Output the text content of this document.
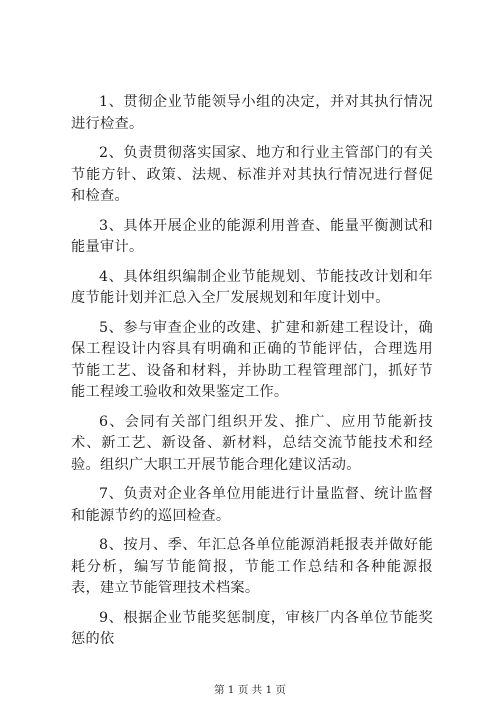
1、贯彻企业节能领导小组的决定，并对其执行情况进行检查。

2、负责贯彻落实国家、地方和行业主管部门的有关节能方针、政策、法规、标准并对其执行情况进行督促和检查。

3、具体开展企业的能源利用普查、能量平衡测试和能量审计。

4、具体组织编制企业节能规划、节能技改计划和年度节能计划并汇总入全厂发展规划和年度计划中。

5、参与审查企业的改建、扩建和新建工程设计，确保工程设计内容具有明确和正确的节能评估，合理选用节能工艺、设备和材料，并协助工程管理部门，抓好节能工程竣工验收和效果鉴定工作。

6、会同有关部门组织开发、推广、应用节能新技术、新工艺、新设备、新材料，总结交流节能技术和经验。组织广大职工开展节能合理化建议活动。

7、负责对企业各单位用能进行计量监督、统计监督和能源节约的巡回检查。

8、按月、季、年汇总各单位能源消耗报表并做好能耗分析，编写节能简报，节能工作总结和各种能源报表，建立节能管理技术档案。

9、根据企业节能奖惩制度，审核厂内各单位节能奖惩的依

第 1 页 共 1 页
